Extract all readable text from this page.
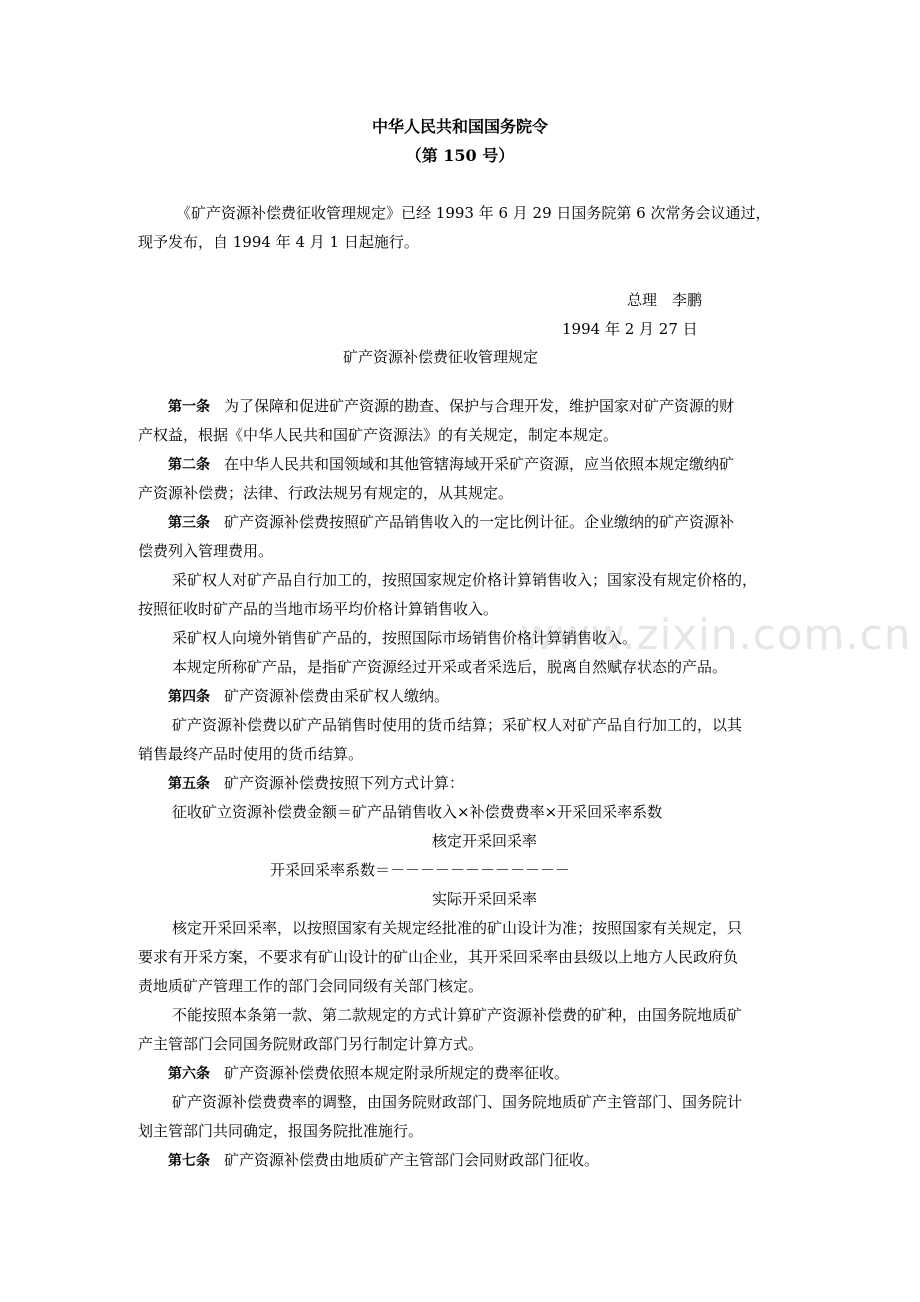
www.zixin.com.cn
中华人民共和国国务院令
（第 150 号）
《矿产资源补偿费征收管理规定》已经 1993 年 6 月 29 日国务院第 6 次常务会议通过，
现予发布，自 1994 年 4 月 1 日起施行。
总理　李鹏
1994 年 2 月 27 日
矿产资源补偿费征收管理规定
第一条 为了保障和促进矿产资源的勘查、保护与合理开发，维护国家对矿产资源的财
产权益，根据《中华人民共和国矿产资源法》的有关规定，制定本规定。
第二条 在中华人民共和国领域和其他管辖海域开采矿产资源，应当依照本规定缴纳矿
产资源补偿费；法律、行政法规另有规定的，从其规定。
第三条 矿产资源补偿费按照矿产品销售收入的一定比例计征。企业缴纳的矿产资源补
偿费列入管理费用。
采矿权人对矿产品自行加工的，按照国家规定价格计算销售收入；国家没有规定价格的，
按照征收时矿产品的当地市场平均价格计算销售收入。
采矿权人向境外销售矿产品的，按照国际市场销售价格计算销售收入。
本规定所称矿产品，是指矿产资源经过开采或者采选后，脱离自然赋存状态的产品。
第四条 矿产资源补偿费由采矿权人缴纳。
矿产资源补偿费以矿产品销售时使用的货币结算；采矿权人对矿产品自行加工的，以其
销售最终产品时使用的货币结算。
第五条 矿产资源补偿费按照下列方式计算：
征收矿立资源补偿费金额＝矿产品销售收入×补偿费费率×开采回采率系数
核定开采回采率
开采回采率系数＝－－－－－－－－－－－－
实际开采回采率
核定开采回采率，以按照国家有关规定经批准的矿山设计为准；按照国家有关规定，只
要求有开采方案，不要求有矿山设计的矿山企业，其开采回采率由县级以上地方人民政府负
责地质矿产管理工作的部门会同同级有关部门核定。
不能按照本条第一款、第二款规定的方式计算矿产资源补偿费的矿种，由国务院地质矿
产主管部门会同国务院财政部门另行制定计算方式。
第六条 矿产资源补偿费依照本规定附录所规定的费率征收。
矿产资源补偿费费率的调整，由国务院财政部门、国务院地质矿产主管部门、国务院计
划主管部门共同确定，报国务院批准施行。
第七条 矿产资源补偿费由地质矿产主管部门会同财政部门征收。
